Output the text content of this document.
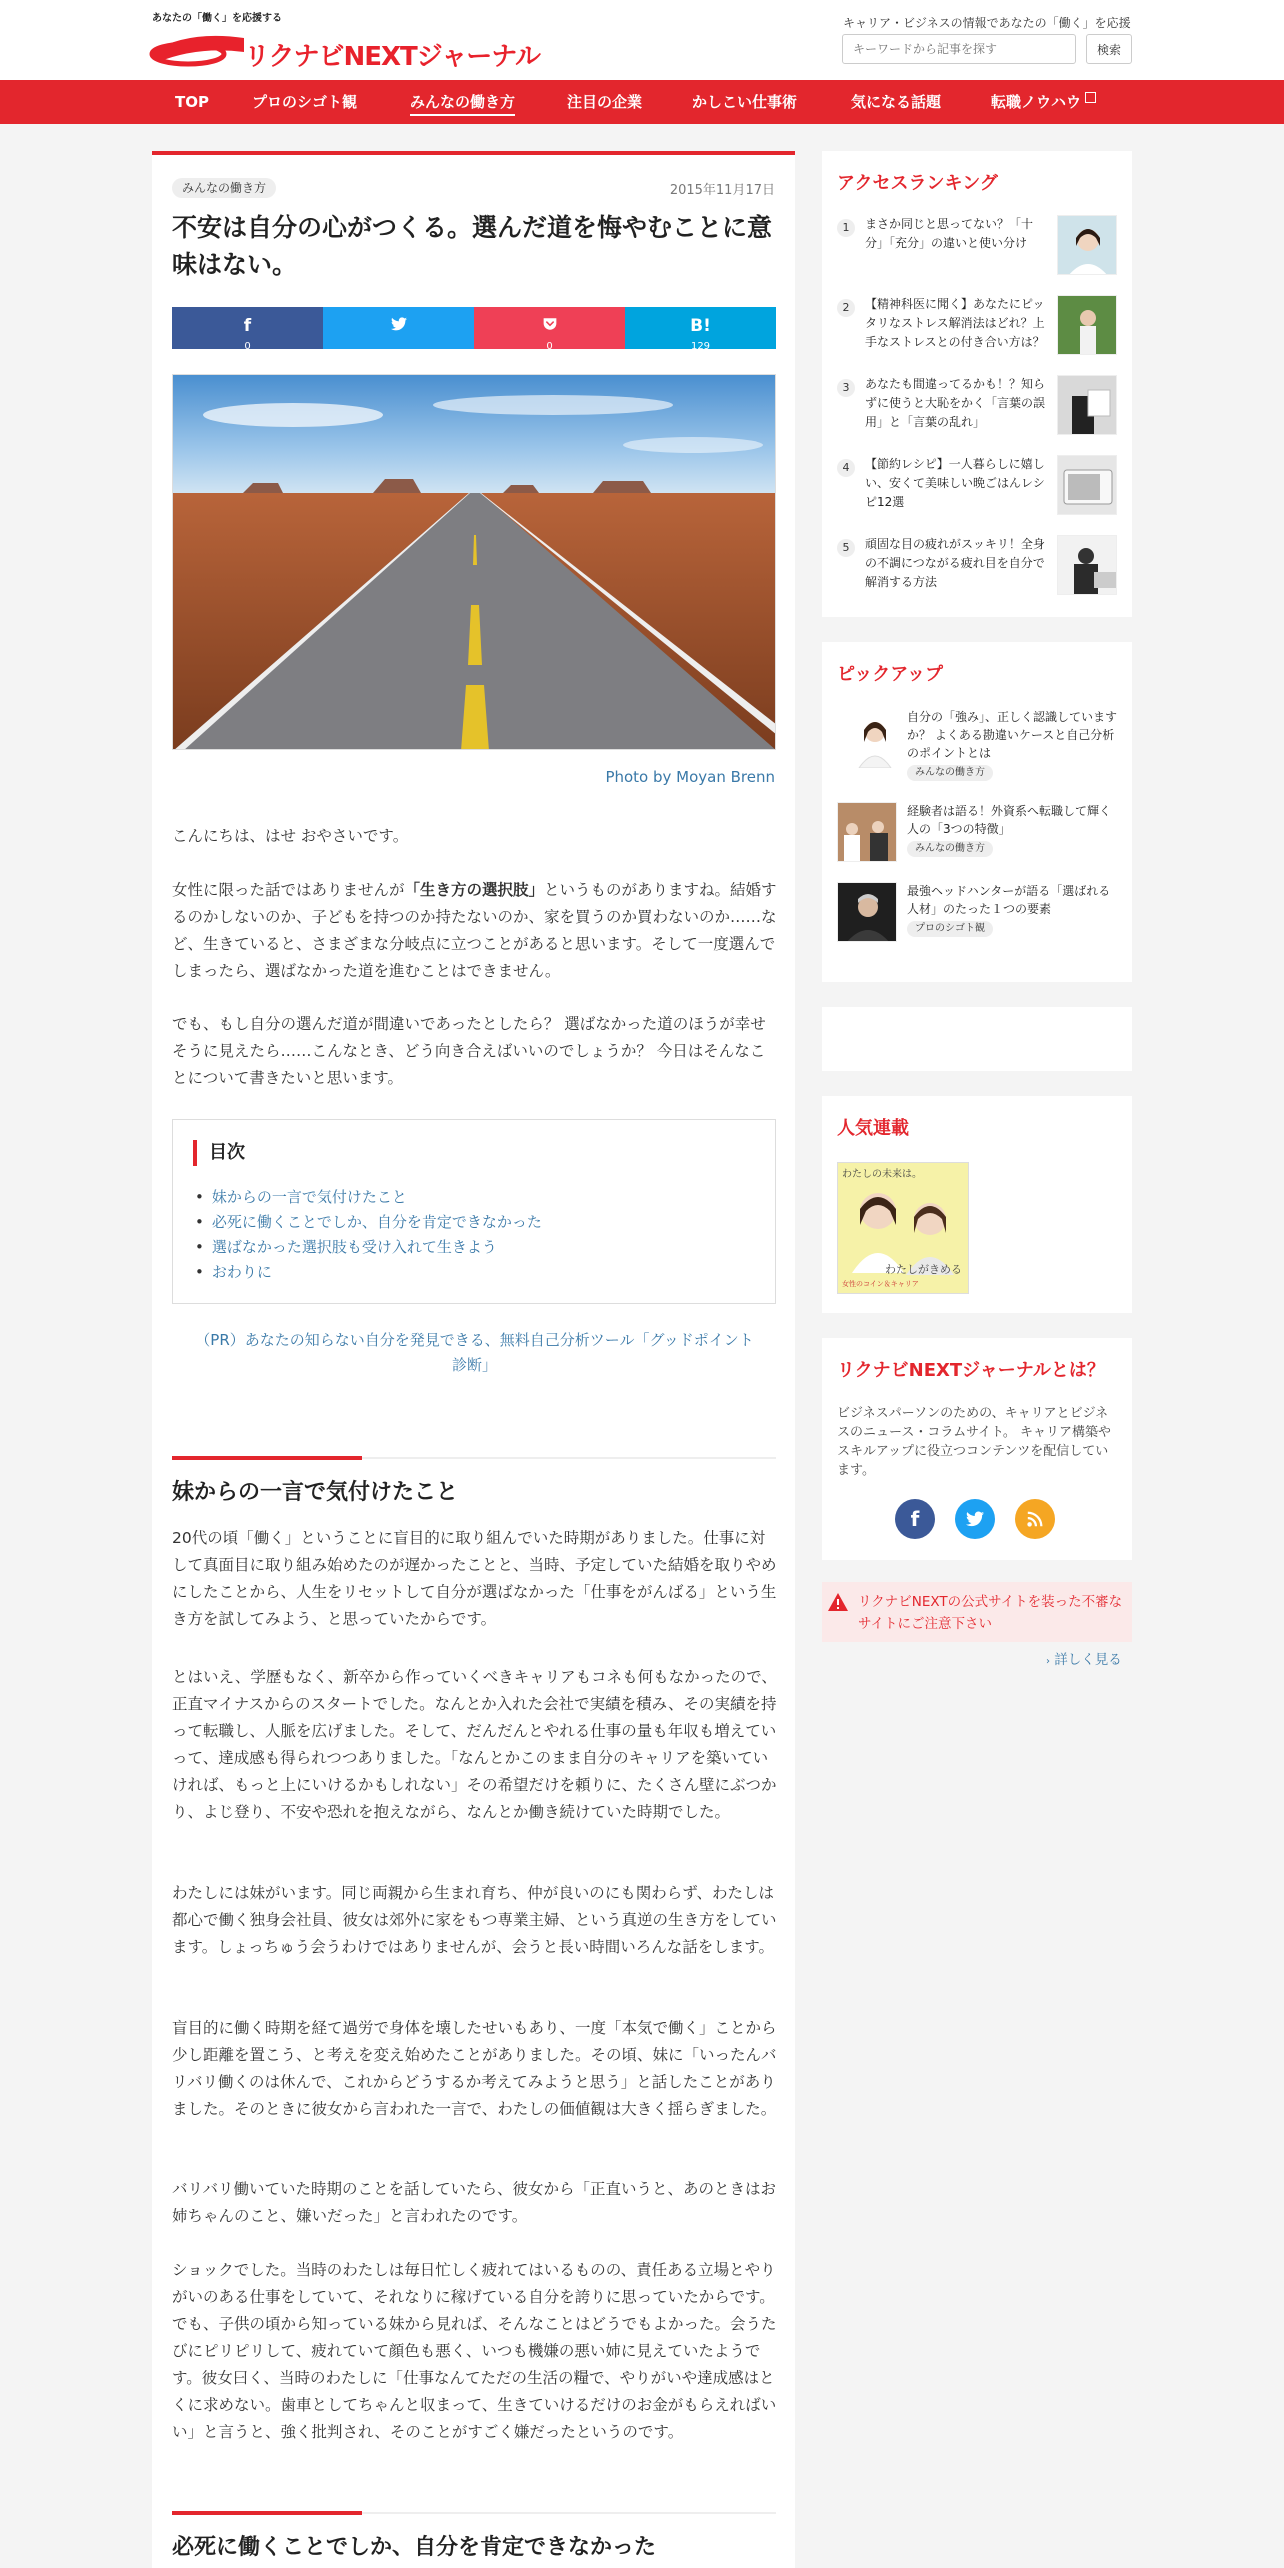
あなたの「働く」を応援する
リクナビNEXTジャーナル
キャリア・ビジネスの情報であなたの「働く」を応援
キーワードから記事を探す
検索
TOP	プロのシゴト観	みんなの働き方	注目の企業	かしこい仕事術	気になる話題	転職ノウハウ
みんなの働き方	2015年11月17日
不安は自分の心がつくる。選んだ道を悔やむことに意味はない。
f
0	0
B!
129
Photo by Moyan Brenn

こんにちは、はせ おやさいです。

女性に限った話ではありませんが「生き方の選択肢」というものがありますね。結婚するのかしないのか、子どもを持つのか持たないのか、家を買うのか買わないのか……など、生きていると、さまざまな分岐点に立つことがあると思います。そして一度選んでしまったら、選ばなかった道を進むことはできません。

でも、もし自分の選んだ道が間違いであったとしたら？ 選ばなかった道のほうが幸せそうに見えたら……こんなとき、どう向き合えばいいのでしょうか？ 今日はそんなことについて書きたいと思います。

目次
• 妹からの一言で気付けたこと
• 必死に働くことでしか、自分を肯定できなかった
• 選ばなかった選択肢も受け入れて生きよう
• おわりに
（PR）あなたの知らない自分を発見できる、無料自己分析ツール「グッドポイント診断」
妹からの一言で気付けたこと

20代の頃「働く」ということに盲目的に取り組んでいた時期がありました。仕事に対して真面目に取り組み始めたのが遅かったことと、当時、予定していた結婚を取りやめにしたことから、人生をリセットして自分が選ばなかった「仕事をがんばる」という生き方を試してみよう、と思っていたからです。

とはいえ、学歴もなく、新卒から作っていくべきキャリアもコネも何もなかったので、正直マイナスからのスタートでした。なんとか入れた会社で実績を積み、その実績を持って転職し、人脈を広げました。そして、だんだんとやれる仕事の量も年収も増えていって、達成感も得られつつありました。「なんとかこのまま自分のキャリアを築いていければ、もっと上にいけるかもしれない」その希望だけを頼りに、たくさん壁にぶつかり、よじ登り、不安や恐れを抱えながら、なんとか働き続けていた時期でした。

わたしには妹がいます。同じ両親から生まれ育ち、仲が良いのにも関わらず、わたしは都心で働く独身会社員、彼女は郊外に家をもつ専業主婦、という真逆の生き方をしています。しょっちゅう会うわけではありませんが、会うと長い時間いろんな話をします。

盲目的に働く時期を経て過労で身体を壊したせいもあり、一度「本気で働く」ことから少し距離を置こう、と考えを変え始めたことがありました。その頃、妹に「いったんバリバリ働くのは休んで、これからどうするか考えてみようと思う」と話したことがありました。そのときに彼女から言われた一言で、わたしの価値観は大きく揺らぎました。

バリバリ働いていた時期のことを話していたら、彼女から「正直いうと、あのときはお姉ちゃんのこと、嫌いだった」と言われたのです。

ショックでした。当時のわたしは毎日忙しく疲れてはいるものの、責任ある立場とやりがいのある仕事をしていて、それなりに稼げている自分を誇りに思っていたからです。でも、子供の頃から知っている妹から見れば、そんなことはどうでもよかった。会うたびにピリピリして、疲れていて顔色も悪く、いつも機嫌の悪い姉に見えていたようです。彼女曰く、当時のわたしに「仕事なんてただの生活の糧で、やりがいや達成感はとくに求めない。歯車としてちゃんと収まって、生きていけるだけのお金がもらえればいい」と言うと、強く批判され、そのことがすごく嫌だったというのです。

必死に働くことでしか、自分を肯定できなかった
アクセスランキング
1	まさか同じと思ってない？「十分」「充分」の違いと使い分け
2	【精神科医に聞く】あなたにピッタリなストレス解消法はどれ？上手なストレスとの付き合い方は？
3	あなたも間違ってるかも！？知らずに使うと大恥をかく「言葉の誤用」と「言葉の乱れ」
4	【節約レシピ】一人暮らしに嬉しい、安くて美味しい晩ごはんレシピ12選
5	頑固な目の疲れがスッキリ！全身の不調につながる疲れ目を自分で解消する方法
ピックアップ
自分の「強み」、正しく認識していますか？ よくある勘違いケースと自己分析のポイントとは
みんなの働き方
経験者は語る！外資系へ転職して輝く人の「3つの特徴」
みんなの働き方
最強ヘッドハンターが語る「選ばれる人材」のたった１つの要素
プロのシゴト観
人気連載
わたしの未来は。
わたしがきめる
女性のコイン＆キャリア
リクナビNEXTジャーナルとは？
ビジネスパーソンのための、キャリアとビジネスのニュース・コラムサイト。 キャリア構築やスキルアップに役立つコンテンツを配信しています。
f
リクナビNEXTの公式サイトを装った不審なサイトにご注意下さい
› 詳しく見る
